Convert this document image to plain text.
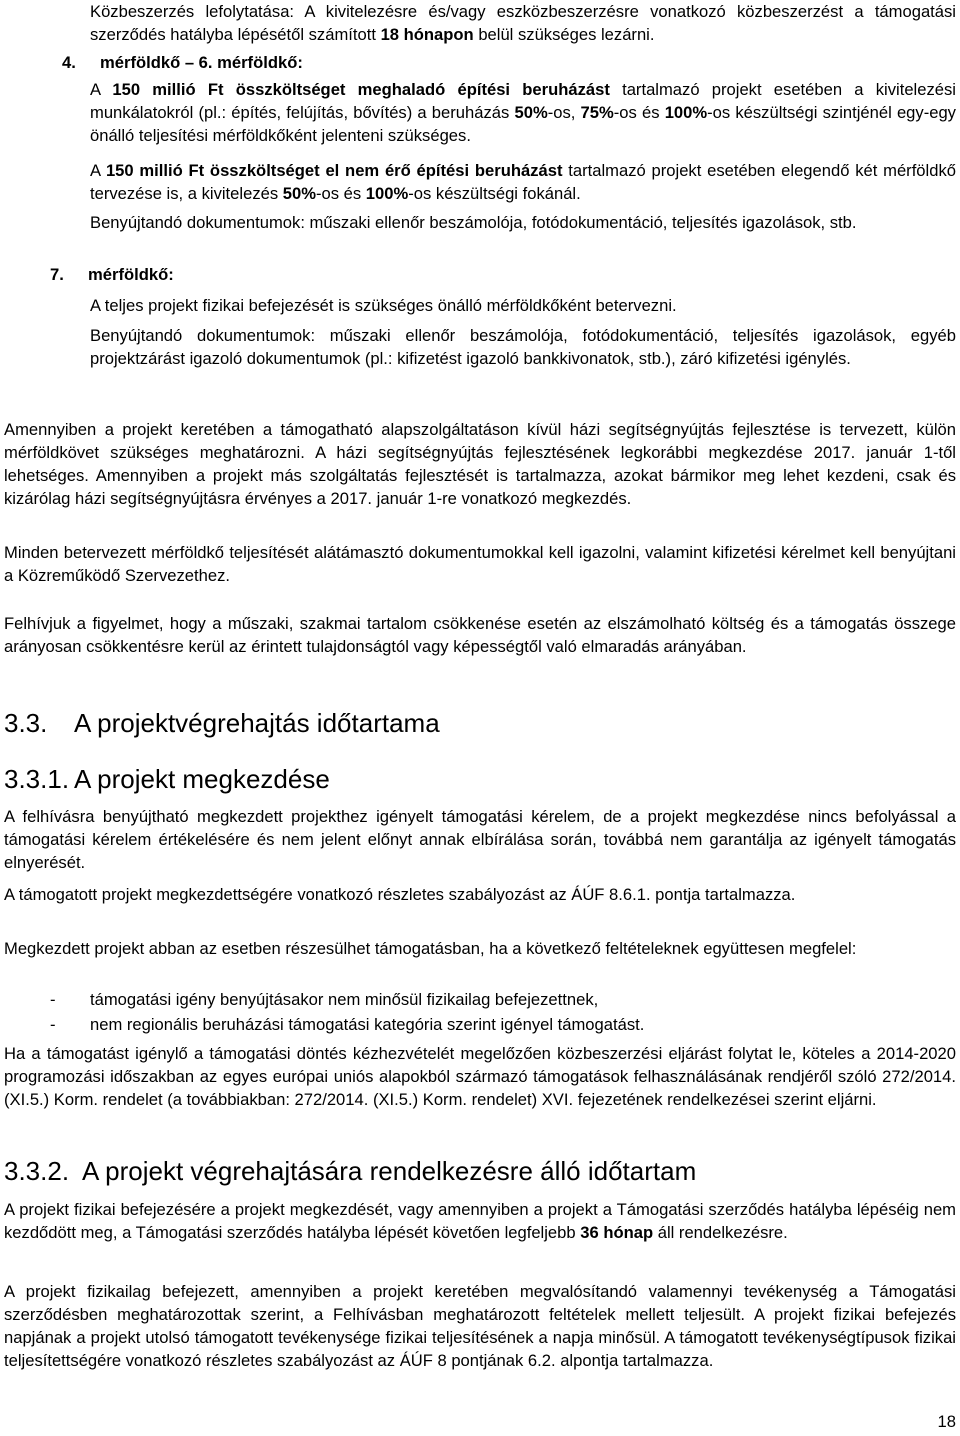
Közbeszerzés lefolytatása: A kivitelezésre és/vagy eszközbeszerzésre vonatkozó közbeszerzést a támogatási szerződés hatályba lépésétől számított 18 hónapon belül szükséges lezárni.

4. mérföldkő – 6. mérföldkő:

A 150 millió Ft összköltséget meghaladó építési beruházást tartalmazó projekt esetében a kivitelezési munkálatokról (pl.: építés, felújítás, bővítés) a beruházás 50%-os, 75%-os és 100%-os készültségi szintjénél egy-egy önálló teljesítési mérföldkőként jelenteni szükséges.

A 150 millió Ft összköltséget el nem érő építési beruházást tartalmazó projekt esetében elegendő két mérföldkő tervezése is, a kivitelezés 50%-os és 100%-os készültségi fokánál.

Benyújtandó dokumentumok: műszaki ellenőr beszámolója, fotódokumentáció, teljesítés igazolások, stb.

7. mérföldkő:

A teljes projekt fizikai befejezését is szükséges önálló mérföldkőként betervezni.

Benyújtandó dokumentumok: műszaki ellenőr beszámolója, fotódokumentáció, teljesítés igazolások, egyéb projektzárást igazoló dokumentumok (pl.: kifizetést igazoló bankkivonatok, stb.), záró kifizetési igénylés.

Amennyiben a projekt keretében a támogatható alapszolgáltatáson kívül házi segítségnyújtás fejlesztése is tervezett, külön mérföldkövet szükséges meghatározni. A házi segítségnyújtás fejlesztésének legkorábbi megkezdése 2017. január 1-től lehetséges. Amennyiben a projekt más szolgáltatás fejlesztését is tartalmazza, azokat bármikor meg lehet kezdeni, csak és kizárólag házi segítségnyújtásra érvényes a 2017. január 1-re vonatkozó megkezdés.

Minden betervezett mérföldkő teljesítését alátámasztó dokumentumokkal kell igazolni, valamint kifizetési kérelmet kell benyújtani a Közreműködő Szervezethez.

Felhívjuk a figyelmet, hogy a műszaki, szakmai tartalom csökkenése esetén az elszámolható költség és a támogatás összege arányosan csökkentésre kerül az érintett tulajdonságtól vagy képességtől való elmaradás arányában.

3.3. A projektvégrehajtás időtartama
3.3.1. A projekt megkezdése

A felhívásra benyújtható megkezdett projekthez igényelt támogatási kérelem, de a projekt megkezdése nincs befolyással a támogatási kérelem értékelésére és nem jelent előnyt annak elbírálása során, továbbá nem garantálja az igényelt támogatás elnyerését.

A támogatott projekt megkezdettségére vonatkozó részletes szabályozást az ÁÚF 8.6.1. pontja tartalmazza.

Megkezdett projekt abban az esetben részesülhet támogatásban, ha a következő feltételeknek együttesen megfelel:

- támogatási igény benyújtásakor nem minősül fizikailag befejezettnek,
- nem regionális beruházási támogatási kategória szerint igényel támogatást.

Ha a támogatást igénylő a támogatási döntés kézhezvételét megelőzően közbeszerzési eljárást folytat le, köteles a 2014-2020 programozási időszakban az egyes európai uniós alapokból származó támogatások felhasználásának rendjéről szóló 272/2014. (XI.5.) Korm. rendelet (a továbbiakban: 272/2014. (XI.5.) Korm. rendelet) XVI. fejezetének rendelkezései szerint eljárni.

3.3.2. A projekt végrehajtására rendelkezésre álló időtartam

A projekt fizikai befejezésére a projekt megkezdését, vagy amennyiben a projekt a Támogatási szerződés hatályba lépéséig nem kezdődött meg, a Támogatási szerződés hatályba lépését követően legfeljebb 36 hónap áll rendelkezésre.

A projekt fizikailag befejezett, amennyiben a projekt keretében megvalósítandó valamennyi tevékenység a Támogatási szerződésben meghatározottak szerint, a Felhívásban meghatározott feltételek mellett teljesült. A projekt fizikai befejezés napjának a projekt utolsó támogatott tevékenysége fizikai teljesítésének a napja minősül. A támogatott tevékenységtípusok fizikai teljesítettségére vonatkozó részletes szabályozást az ÁÚF 8 pontjának 6.2. alpontja tartalmazza.

18
